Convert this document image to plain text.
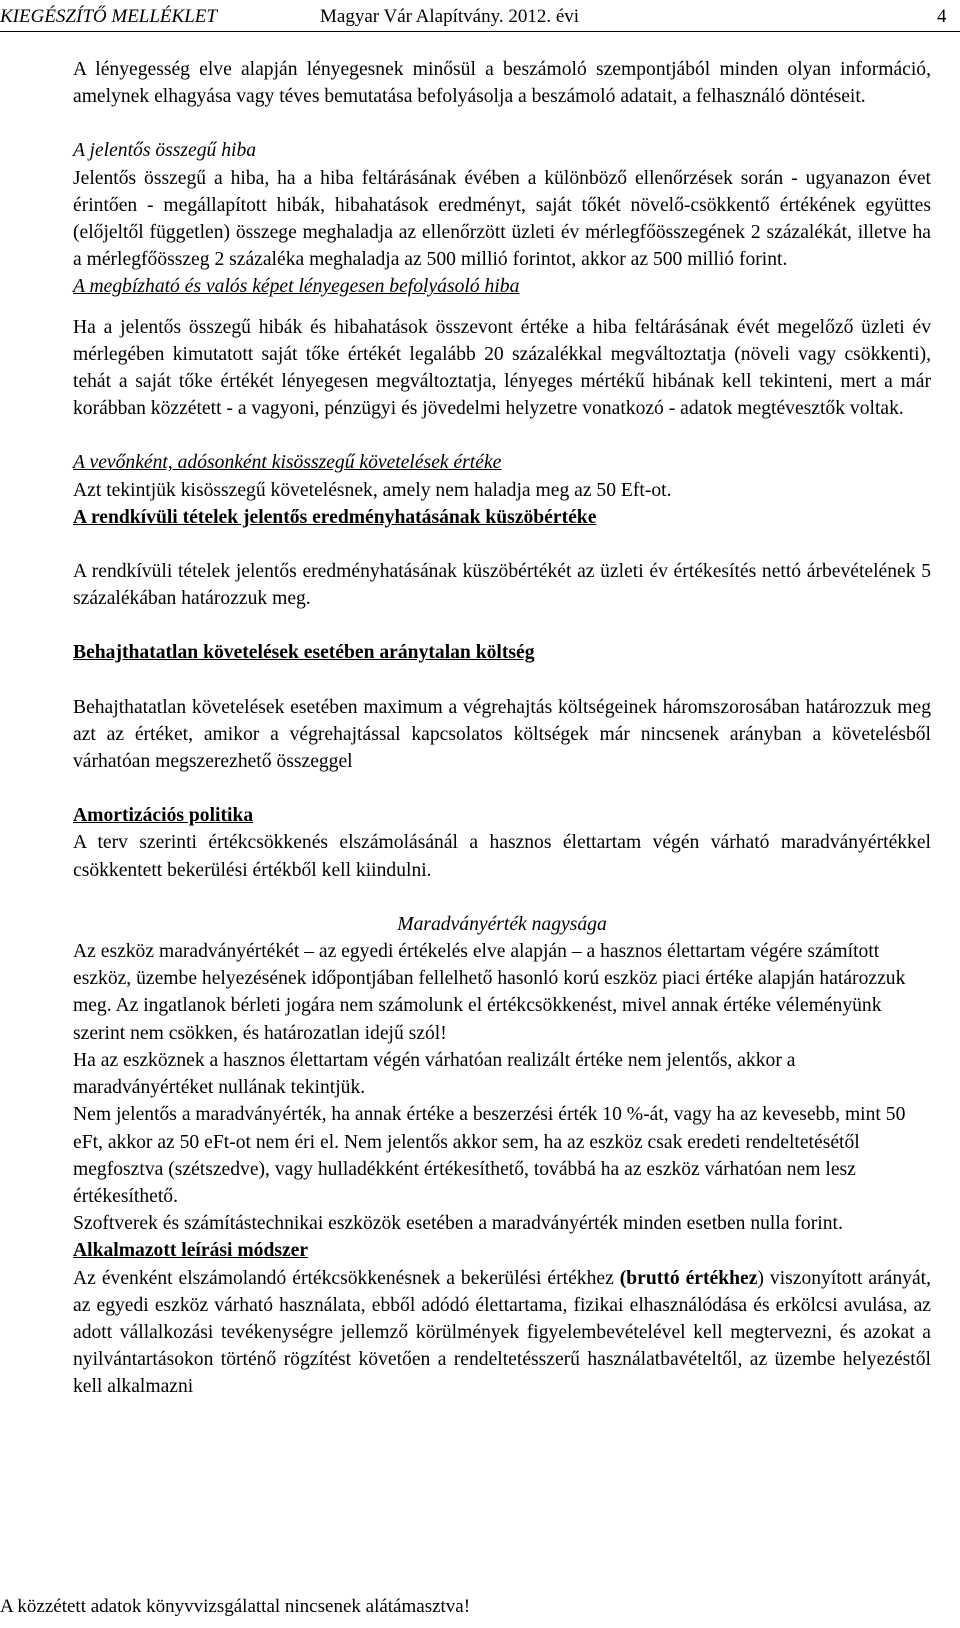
KIEGÉSZÍTŐ MELLÉKLET	Magyar Vár Alapítvány. 2012. évi	4

A lényegesség elve alapján lényegesnek minősül a beszámoló szempontjából minden olyan információ, amelynek elhagyása vagy téves bemutatása befolyásolja a beszámoló adatait, a felhasználó döntéseit.

A jelentős összegű hiba

Jelentős összegű a hiba, ha a hiba feltárásának évében a különböző ellenőrzések során - ugyanazon évet érintően - megállapított hibák, hibahatások eredményt, saját tőkét növelő-csökkentő értékének együttes (előjeltől független) összege meghaladja az ellenőrzött üzleti év mérlegfőösszegének 2 százalékát, illetve ha a mérlegfőösszeg 2 százaléka meghaladja az 500 millió forintot, akkor az 500 millió forint.

A megbízható és valós képet lényegesen befolyásoló hiba

Ha a jelentős összegű hibák és hibahatások összevont értéke a hiba feltárásának évét megelőző üzleti év mérlegében kimutatott saját tőke értékét legalább 20 százalékkal megváltoztatja (növeli vagy csökkenti), tehát a saját tőke értékét lényegesen megváltoztatja, lényeges mértékű hibának kell tekinteni, mert a már korábban közzétett - a vagyoni, pénzügyi és jövedelmi helyzetre vonatkozó - adatok megtévesztők voltak.

A vevőnként, adósonként kisösszegű követelések értéke

Azt tekintjük kisösszegű követelésnek, amely nem haladja meg az 50 Eft-ot.

A rendkívüli tételek jelentős eredményhatásának küszöbértéke

A rendkívüli tételek jelentős eredményhatásának küszöbértékét az üzleti év értékesítés nettó árbevételének 5 százalékában határozzuk meg.

Behajthatatlan követelések esetében aránytalan költség

Behajthatatlan követelések esetében maximum a végrehajtás költségeinek háromszorosában határozzuk meg azt az értéket, amikor a végrehajtással kapcsolatos költségek már nincsenek arányban a követelésből várhatóan megszerezhető összeggel

Amortizációs politika

A terv szerinti értékcsökkenés elszámolásánál a hasznos élettartam végén várható maradványértékkel csökkentett bekerülési értékből kell kiindulni.

Maradványérték nagysága

Az eszköz maradványértékét – az egyedi értékelés elve alapján – a hasznos élettartam végére számított eszköz, üzembe helyezésének időpontjában fellelhető hasonló korú eszköz piaci értéke alapján határozzuk meg. Az ingatlanok bérleti jogára nem számolunk el értékcsökkenést, mivel annak értéke véleményünk szerint nem csökken, és határozatlan idejű szól!

Ha az eszköznek a hasznos élettartam végén várhatóan realizált értéke nem jelentős, akkor a maradványértéket nullának tekintjük.

Nem jelentős a maradványérték, ha annak értéke a beszerzési érték 10 %-át, vagy ha az kevesebb, mint 50 eFt, akkor az 50 eFt-ot nem éri el. Nem jelentős akkor sem, ha az eszköz csak eredeti rendeltetésétől megfosztva (szétszedve), vagy hulladékként értékesíthető, továbbá ha az eszköz várhatóan nem lesz értékesíthető.

Szoftverek és számítástechnikai eszközök esetében a maradványérték minden esetben nulla forint.

Alkalmazott leírási módszer

Az évenként elszámolandó értékcsökkenésnek a bekerülési értékhez (bruttó értékhez) viszonyított arányát, az egyedi eszköz várható használata, ebből adódó élettartama, fizikai elhasználódása és erkölcsi avulása, az adott vállalkozási tevékenységre jellemző körülmények figyelembevételével kell megtervezni, és azokat a nyilvántartásokon történő rögzítést követően a rendeltetésszerű használatbavételtől, az üzembe helyezéstől kell alkalmazni

A közzétett adatok könyvvizsgálattal nincsenek alátámasztva!
